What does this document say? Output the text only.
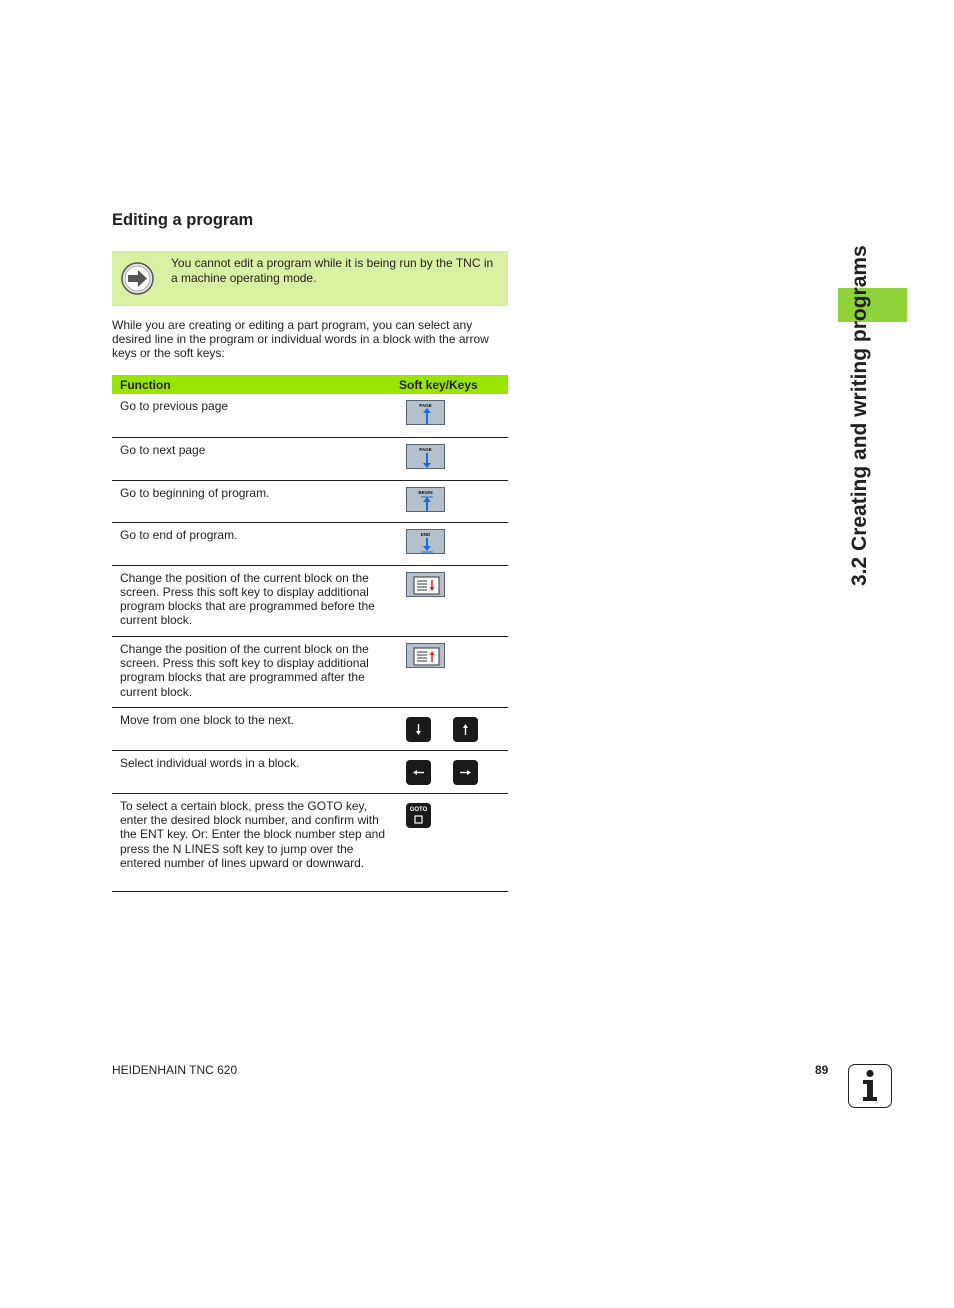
3.2 Creating and writing programs
Editing a program
You cannot edit a program while it is being run by the TNC in a machine operating mode.

While you are creating or editing a part program, you can select any desired line in the program or individual words in a block with the arrow keys or the soft keys:

Function	Soft key/Keys
Go to previous page	PAGE

Go to next page	PAGE

Go to beginning of program.	BEGIN

Go to end of program.	END

Change the position of the current block on the screen. Press this soft key to display additional program blocks that are programmed before the current block.	

Change the position of the current block on the screen. Press this soft key to display additional program blocks that are programmed after the current block.	

Move from one block to the next.	

Select individual words in a block.	

To select a certain block, press the GOTO key, enter the desired block number, and confirm with the ENT key. Or: Enter the block number step and press the N LINES soft key to jump over the entered number of lines upward or downward.	GOTO
HEIDENHAIN TNC 620	89
